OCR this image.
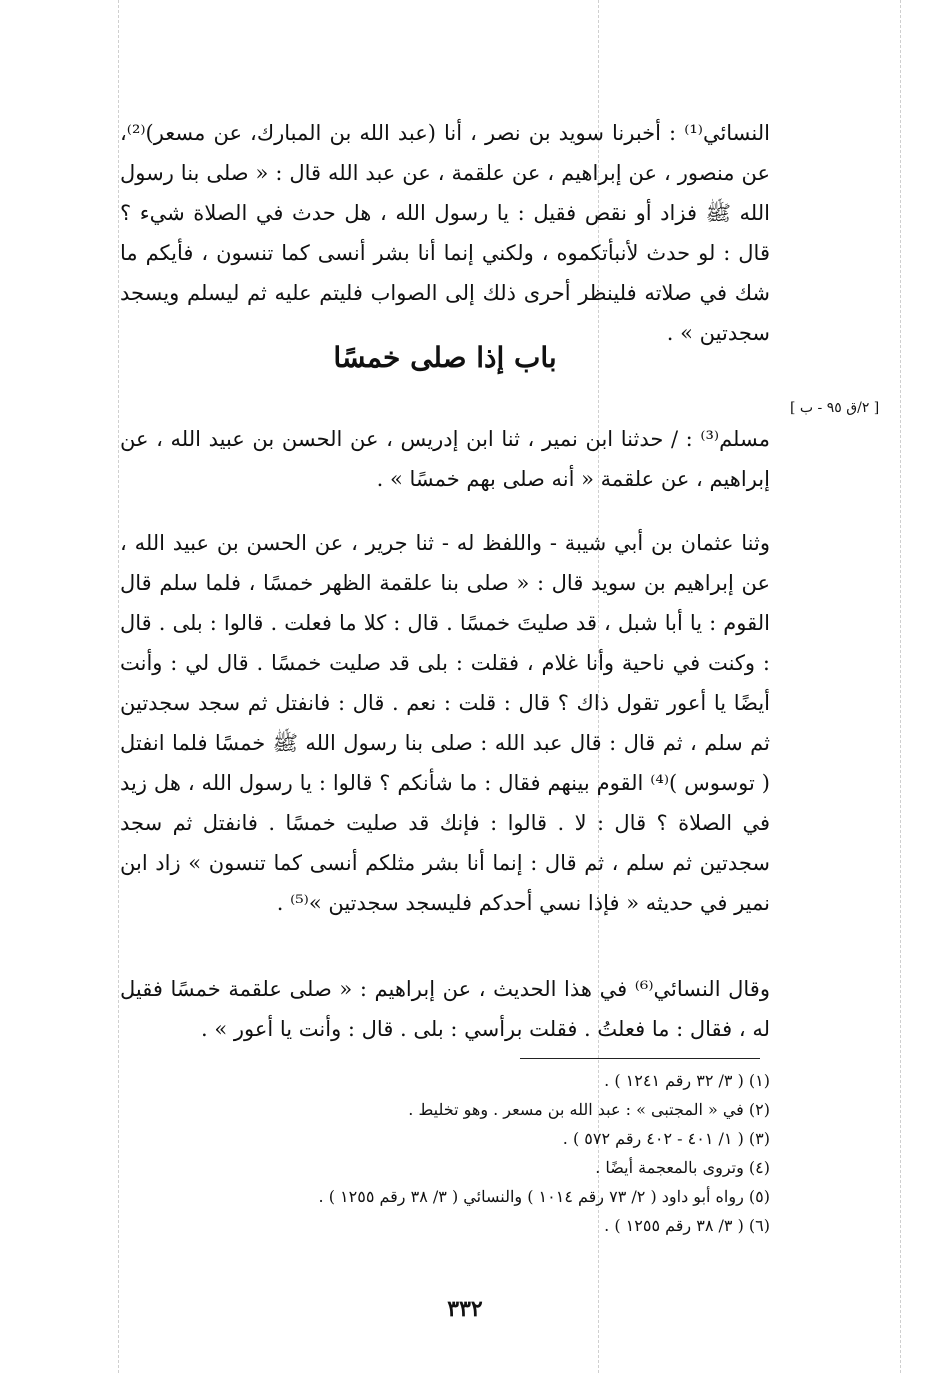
النسائي⁽¹⁾ : أخبرنا سويد بن نصر ، أنا (عبد الله بن المبارك، عن مسعر)⁽²⁾، عن منصور ، عن إبراهيم ، عن علقمة ، عن عبد الله قال : « صلى بنا رسول الله ﷺ فزاد أو نقص فقيل : يا رسول الله ، هل حدث في الصلاة شيء ؟ قال : لو حدث لأنبأتكموه ، ولكني إنما أنا بشر أنسى كما تنسون ، فأيكم ما شك في صلاته فلينظر أحرى ذلك إلى الصواب فليتم عليه ثم ليسلم ويسجد سجدتين » .

باب إذا صلى خمسًا
[ ٢/ق ٩٥ - ب ]

مسلم⁽³⁾ : / حدثنا ابن نمير ، ثنا ابن إدريس ، عن الحسن بن عبيد الله ، عن إبراهيم ، عن علقمة « أنه صلى بهم خمسًا » .

وثنا عثمان بن أبي شيبة - واللفظ له - ثنا جرير ، عن الحسن بن عبيد الله ، عن إبراهيم بن سويد قال : « صلى بنا علقمة الظهر خمسًا ، فلما سلم قال القوم : يا أبا شبل ، قد صليتَ خمسًا . قال : كلا ما فعلت . قالوا : بلى . قال : وكنت في ناحية وأنا غلام ، فقلت : بلى قد صليت خمسًا . قال لي : وأنت أيضًا يا أعور تقول ذاك ؟ قال : قلت : نعم . قال : فانفتل ثم سجد سجدتين ثم سلم ، ثم قال : قال عبد الله : صلى بنا رسول الله ﷺ خمسًا فلما انفتل ( توسوس )⁽⁴⁾ القوم بينهم فقال : ما شأنكم ؟ قالوا : يا رسول الله ، هل زيد في الصلاة ؟ قال : لا . قالوا : فإنك قد صليت خمسًا . فانفتل ثم سجد سجدتين ثم سلم ، ثم قال : إنما أنا بشر مثلكم أنسى كما تنسون » زاد ابن نمير في حديثه « فإذا نسي أحدكم فليسجد سجدتين »⁽⁵⁾ .

وقال النسائي⁽⁶⁾ في هذا الحديث ، عن إبراهيم : « صلى علقمة خمسًا فقيل له ، فقال : ما فعلتُ . فقلت برأسي : بلى . قال : وأنت يا أعور » .

(١) ( ٣/ ٣٢ رقم ١٢٤١ ) .
(٢) في « المجتبى » : عبد الله بن مسعر . وهو تخليط .
(٣) ( ١/ ٤٠١ - ٤٠٢ رقم ٥٧٢ ) .
(٤) وتروى بالمعجمة أيضًا .
(٥) رواه أبو داود ( ٢/ ٧٣ رقم ١٠١٤ ) والنسائي ( ٣/ ٣٨ رقم ١٢٥٥ ) .
(٦) ( ٣/ ٣٨ رقم ١٢٥٥ ) .
٣٣٢
